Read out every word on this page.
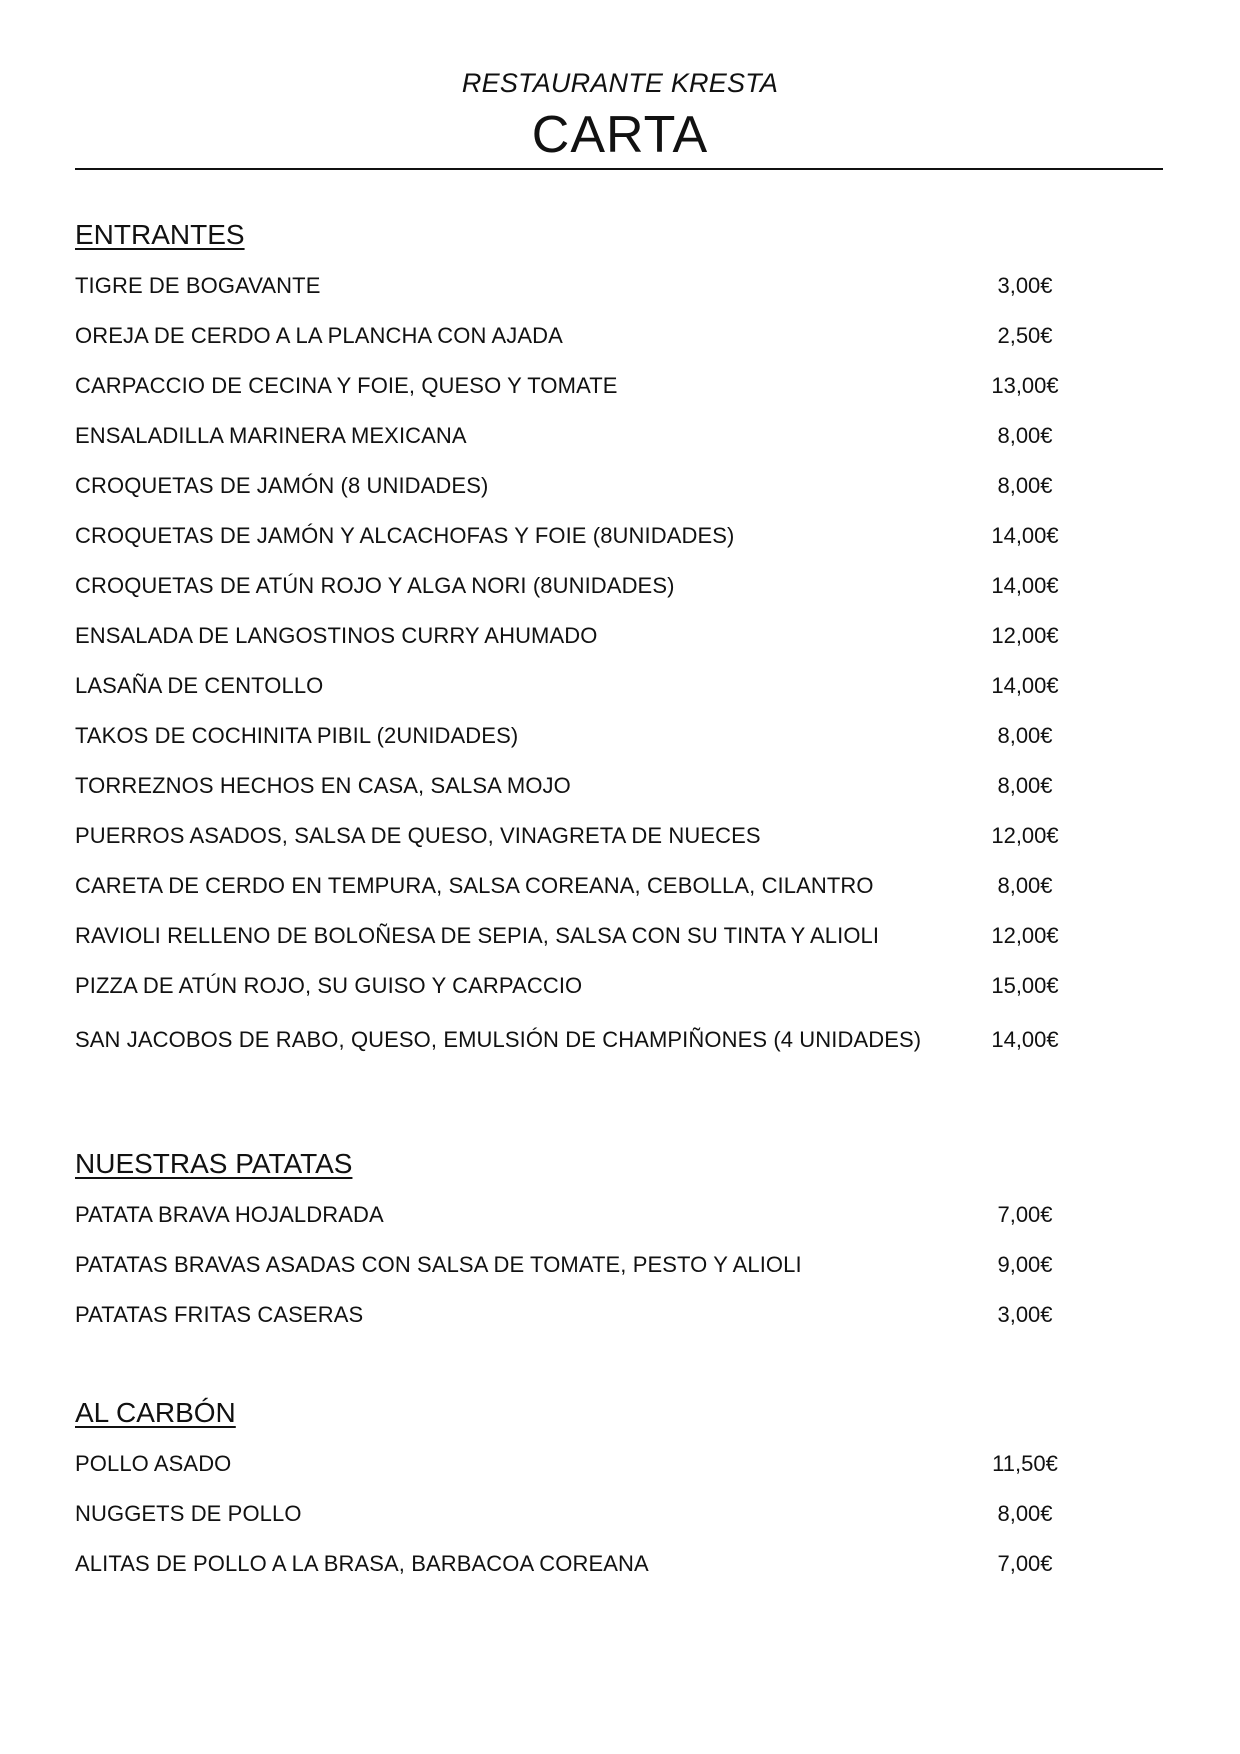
RESTAURANTE KRESTA
CARTA
ENTRANTES
TIGRE DE BOGAVANTE	3,00€
OREJA DE CERDO A LA PLANCHA CON AJADA	2,50€
CARPACCIO DE CECINA Y FOIE, QUESO Y TOMATE	13,00€
ENSALADILLA MARINERA MEXICANA	8,00€
CROQUETAS DE JAMÓN (8 UNIDADES)	8,00€
CROQUETAS DE JAMÓN Y ALCACHOFAS Y FOIE (8UNIDADES)	14,00€
CROQUETAS DE ATÚN ROJO Y ALGA NORI (8UNIDADES)	14,00€
ENSALADA DE LANGOSTINOS CURRY AHUMADO	12,00€
LASAÑA DE CENTOLLO	14,00€
TAKOS DE COCHINITA PIBIL (2UNIDADES)	8,00€
TORREZNOS HECHOS EN CASA, SALSA MOJO	8,00€
PUERROS ASADOS, SALSA DE QUESO, VINAGRETA DE NUECES	12,00€
CARETA DE CERDO EN TEMPURA, SALSA COREANA, CEBOLLA, CILANTRO	8,00€
RAVIOLI RELLENO DE BOLOÑESA DE SEPIA, SALSA CON SU TINTA Y ALIOLI	12,00€
PIZZA DE ATÚN ROJO, SU GUISO Y CARPACCIO	15,00€
SAN JACOBOS DE RABO, QUESO, EMULSIÓN DE CHAMPIÑONES (4 UNIDADES)	14,00€
NUESTRAS PATATAS
PATATA BRAVA HOJALDRADA	7,00€
PATATAS BRAVAS ASADAS CON SALSA DE TOMATE, PESTO Y ALIOLI	9,00€
PATATAS FRITAS CASERAS	3,00€
AL CARBÓN
POLLO ASADO	11,50€
NUGGETS DE POLLO	8,00€
ALITAS DE POLLO A LA BRASA, BARBACOA COREANA	7,00€
